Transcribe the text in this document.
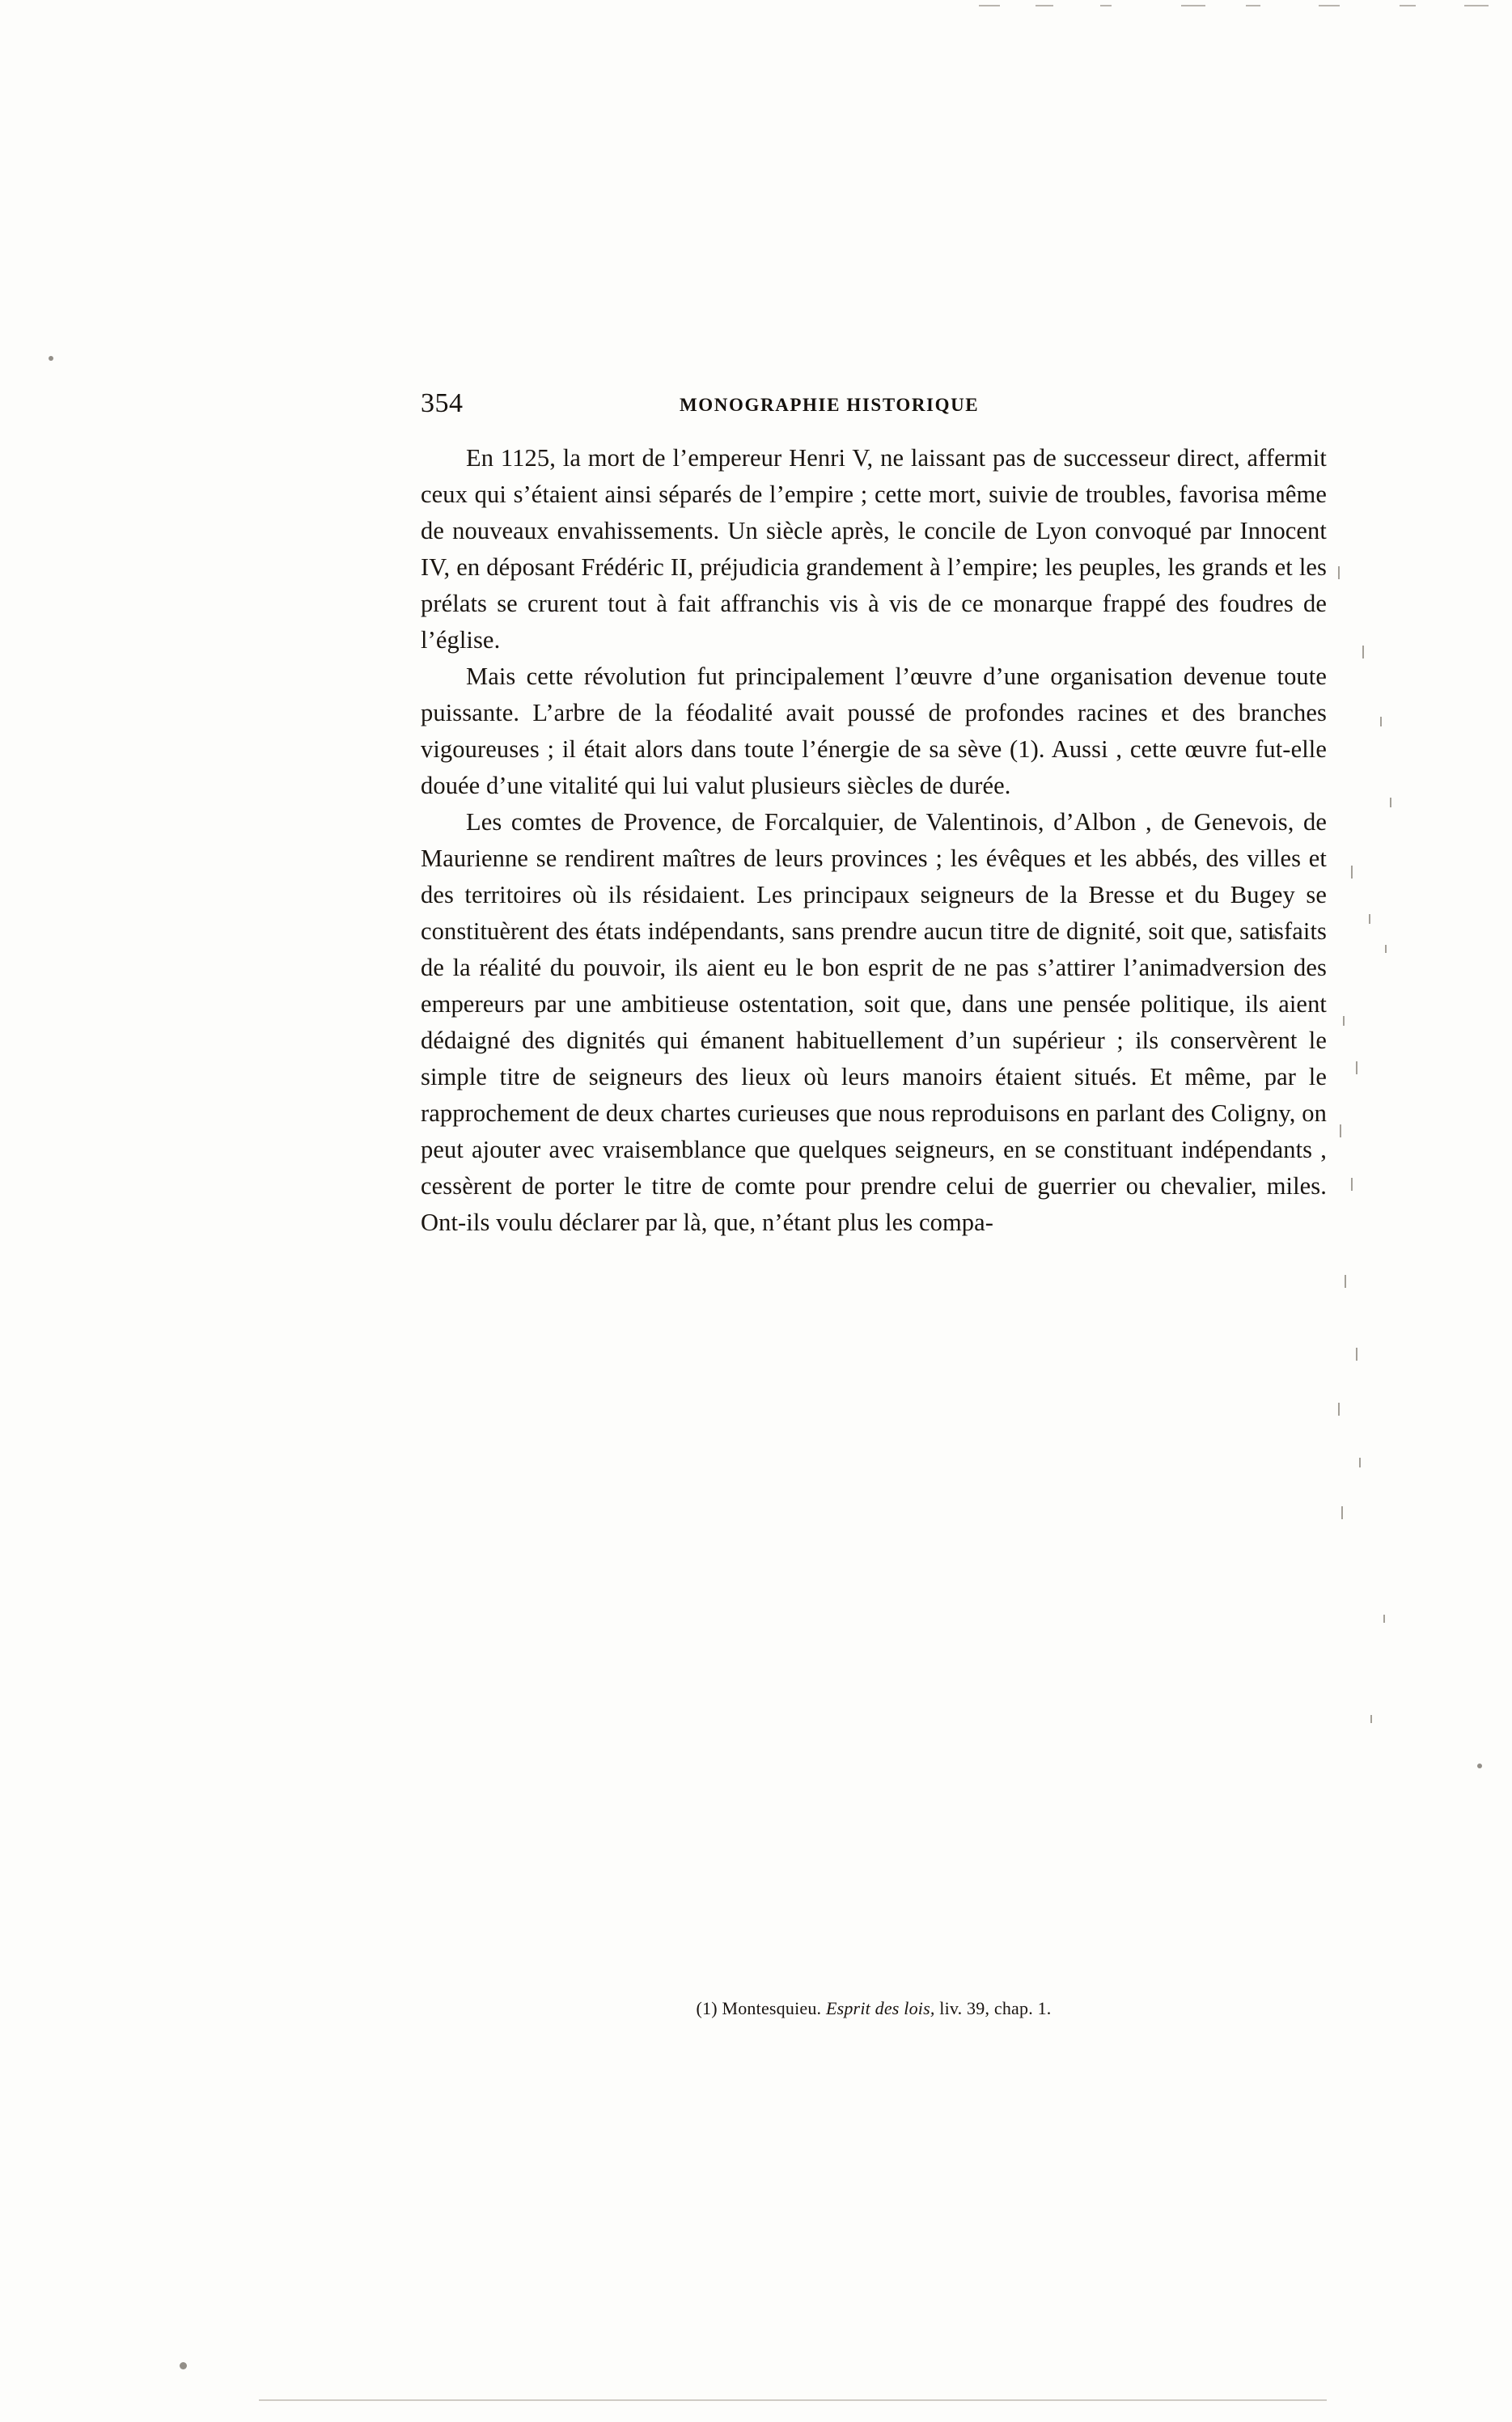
354	MONOGRAPHIE HISTORIQUE

En 1125, la mort de l’empereur Henri V, ne laissant pas de successeur direct, affermit ceux qui s’étaient ainsi séparés de l’empire ; cette mort, suivie de troubles, favorisa même de nouveaux envahissements. Un siècle après, le concile de Lyon convoqué par Innocent IV, en déposant Frédéric II, préjudicia grandement à l’empire; les peuples, les grands et les prélats se crurent tout à fait affranchis vis à vis de ce monarque frappé des foudres de l’église.

Mais cette révolution fut principalement l’œuvre d’une organisation devenue toute puissante. L’arbre de la féodalité avait poussé de profondes racines et des branches vigoureuses ; il était alors dans toute l’énergie de sa sève (1). Aussi , cette œuvre fut-elle douée d’une vitalité qui lui valut plusieurs siècles de durée.

Les comtes de Provence, de Forcalquier, de Valentinois, d’Albon , de Genevois, de Maurienne se rendirent maîtres de leurs provinces ; les évêques et les abbés, des villes et des territoires où ils résidaient. Les principaux seigneurs de la Bresse et du Bugey se constituèrent des états indépendants, sans prendre aucun titre de dignité, soit que, satisfaits de la réalité du pouvoir, ils aient eu le bon esprit de ne pas s’attirer l’animadversion des empereurs par une ambitieuse ostentation, soit que, dans une pensée politique, ils aient dédaigné des dignités qui émanent habituellement d’un supérieur ; ils conservèrent le simple titre de seigneurs des lieux où leurs manoirs étaient situés. Et même, par le rapprochement de deux chartes curieuses que nous reproduisons en parlant des Coligny, on peut ajouter avec vraisemblance que quelques seigneurs, en se constituant indépendants , cessèrent de porter le titre de comte pour prendre celui de guerrier ou chevalier, miles. Ont-ils voulu déclarer par là, que, n’étant plus les compa-

(1) Montesquieu. Esprit des lois, liv. 39, chap. 1.
